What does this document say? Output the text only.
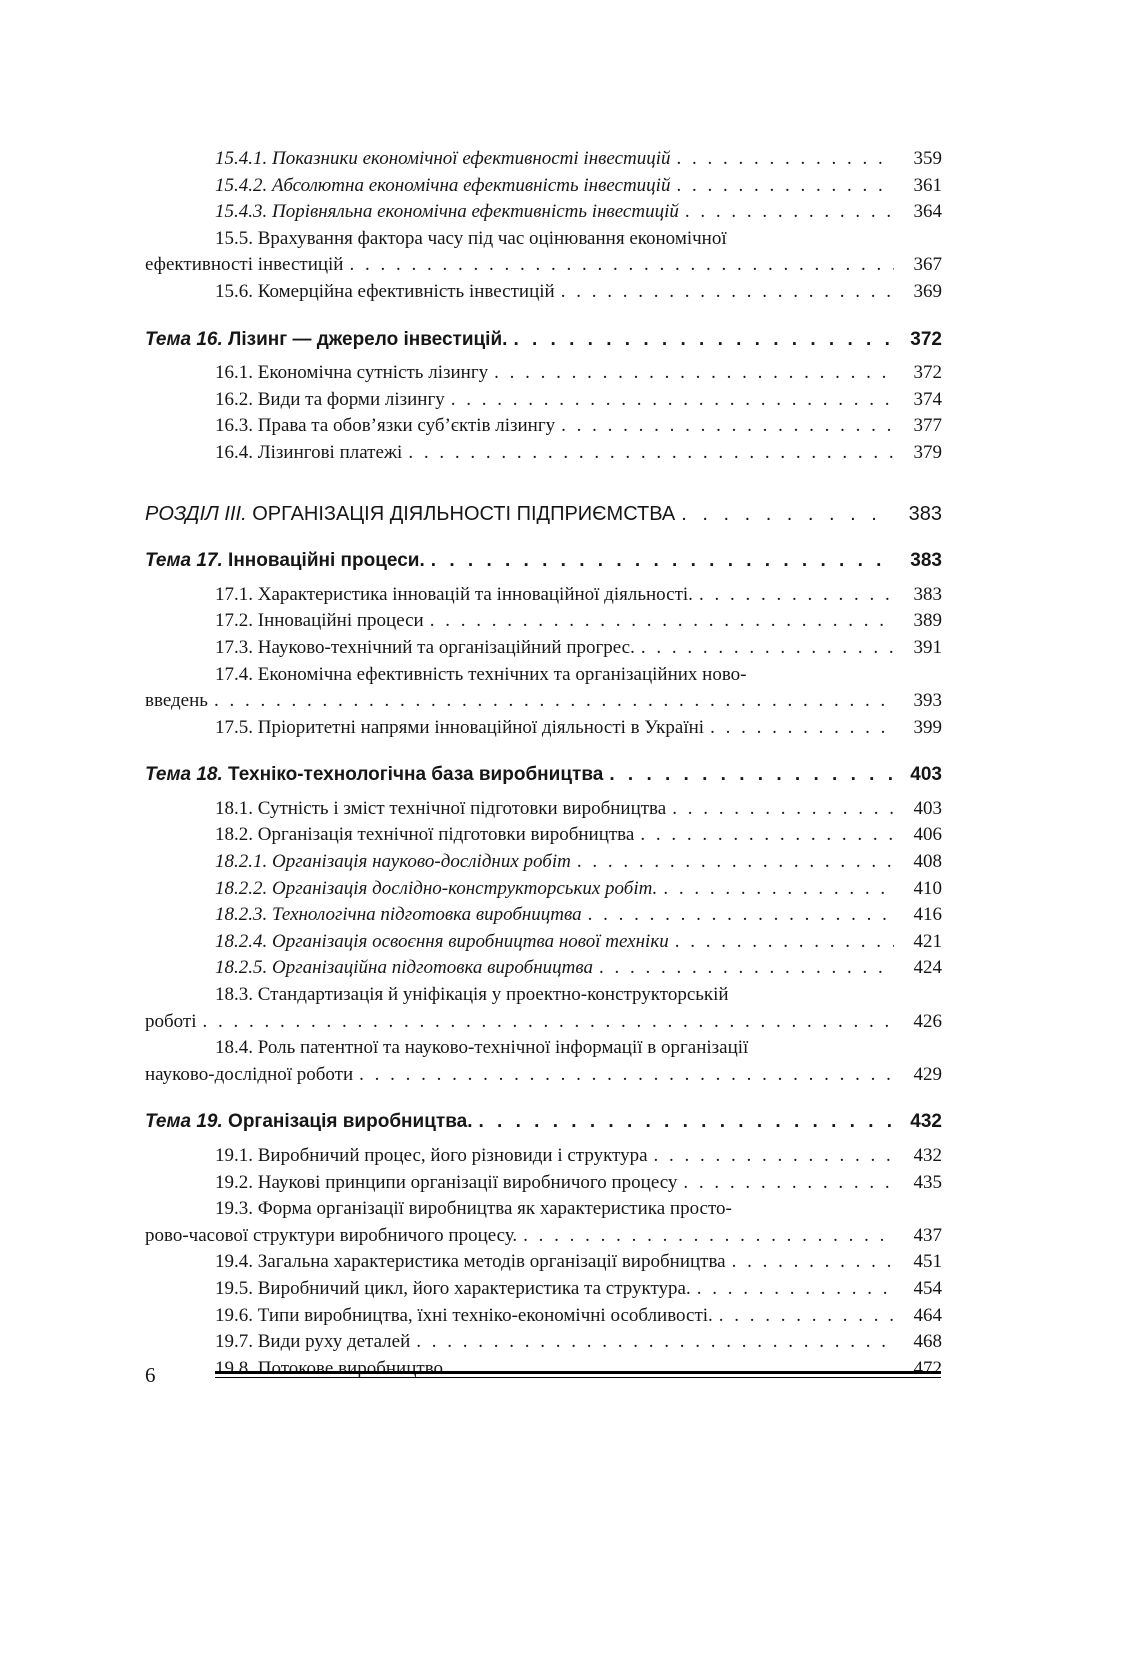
15.4.1. Показники економічної ефективності інвестицій . . .	359
15.4.2. Абсолютна економічна ефективність інвестицій . . .	361
15.4.3. Порівняльна економічна ефективність інвестицій . . .	364
15.5. Врахування фактора часу під час оцінювання економічної
ефективності інвестицій . . .	367
15.6. Комерційна ефективність інвестицій . . .	369
Тема 16. Лізинг — джерело інвестицій. . . .	372
16.1. Економічна сутність лізингу . . .	372
16.2. Види та форми лізингу . . .	374
16.3. Права та обов’язки суб’єктів лізингу . . .	377
16.4. Лізингові платежі . . .	379
РОЗДІЛ III. ОРГАНІЗАЦІЯ ДІЯЛЬНОСТІ ПІДПРИЄМСТВА . . .	383
Тема 17. Інноваційні процеси. . . .	383
17.1. Характеристика інновацій та інноваційної діяльності. . . .	383
17.2. Інноваційні процеси . . .	389
17.3. Науково-технічний та організаційний прогрес. . . .	391
17.4. Економічна ефективність технічних та організаційних ново-
введень . . .	393
17.5. Пріоритетні напрями інноваційної діяльності в Україні . . .	399
Тема 18. Техніко-технологічна база виробництва . . .	403
18.1. Сутність і зміст технічної підготовки виробництва . . .	403
18.2. Організація технічної підготовки виробництва . . .	406
18.2.1. Організація науково-дослідних робіт . . .	408
18.2.2. Організація дослідно-конструкторських робіт. . . .	410
18.2.3. Технологічна підготовка виробництва . . .	416
18.2.4. Організація освоєння виробництва нової техніки . . .	421
18.2.5. Організаційна підготовка виробництва . . .	424
18.3. Стандартизація й уніфікація у проектно-конструкторській
роботі . . .	426
18.4. Роль патентної та науково-технічної інформації в організації
науково-дослідної роботи . . .	429
Тема 19. Організація виробництва. . . .	432
19.1. Виробничий процес, його різновиди і структура . . .	432
19.2. Наукові принципи організації виробничого процесу . . .	435
19.3. Форма організації виробництва як характеристика просто-
рово-часової структури виробничого процесу. . . .	437
19.4. Загальна характеристика методів організації виробництва . . .	451
19.5. Виробничий цикл, його характеристика та структура. . . .	454
19.6. Типи виробництва, їхні техніко-економічні особливості. . . .	464
19.7. Види руху деталей . . .	468
19.8. Потокове виробництво . . .	472
6
